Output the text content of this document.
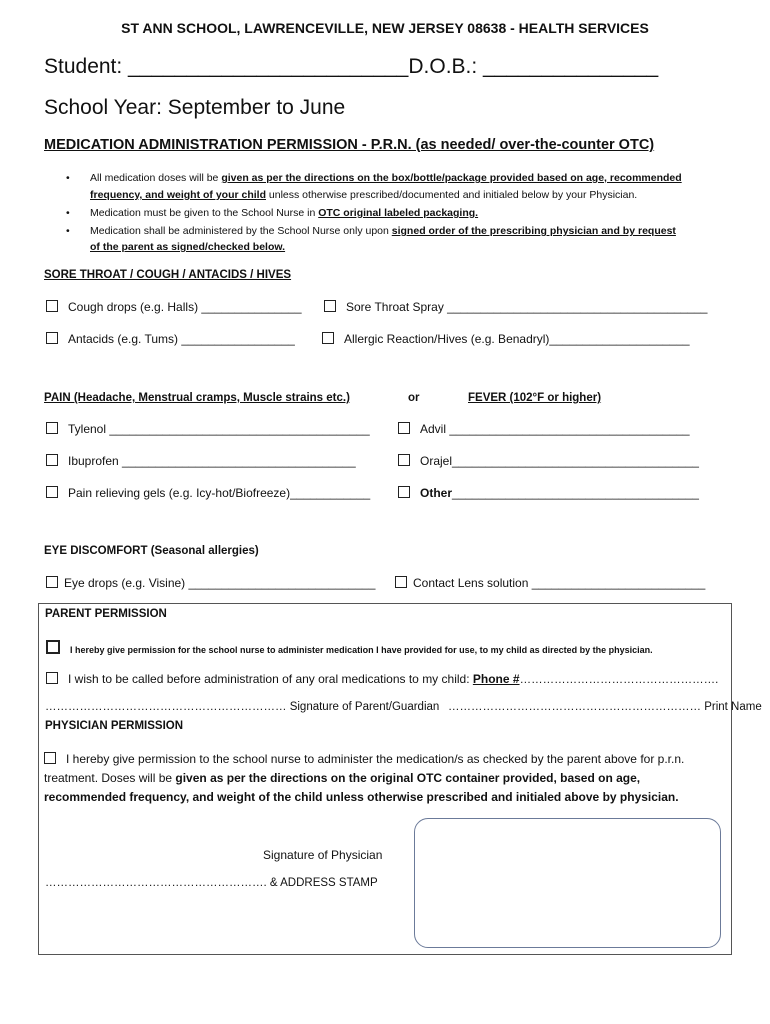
ST ANN SCHOOL, LAWRENCEVILLE, NEW JERSEY 08638 - HEALTH SERVICES
Student: ________________________D.O.B.: _______________
School Year: September to June
MEDICATION ADMINISTRATION PERMISSION - P.R.N. (as needed/ over-the-counter OTC)
• All medication doses will be given as per the directions on the box/bottle/package provided based on age, recommended
frequency, and weight of your child unless otherwise prescribed/documented and initialed below by your Physician.
• Medication must be given to the School Nurse in OTC original labeled packaging.
• Medication shall be administered by the School Nurse only upon signed order of the prescribing physician and by request
of the parent as signed/checked below.
SORE THROAT / COUGH / ANTACIDS / HIVES
Cough drops (e.g. Halls) _______________	Sore Throat Spray _______________________________________
Antacids (e.g. Tums) _________________	Allergic Reaction/Hives (e.g. Benadryl)_____________________
PAIN (Headache, Menstrual cramps, Muscle strains etc.)	or	FEVER (102°F or higher)
Tylenol _______________________________________	Advil ____________________________________
Ibuprofen ___________________________________	Orajel_____________________________________
Pain relieving gels (e.g. Icy-hot/Biofreeze)____________	Other_____________________________________
EYE DISCOMFORT (Seasonal allergies)
Eye drops (e.g. Visine) ____________________________	Contact Lens solution __________________________
PARENT PERMISSION
I hereby give permission for the school nurse to administer medication I have provided for use, to my child as directed by the physician.
I wish to be called before administration of any oral medications to my child: Phone #…………………………………………….
……………………………………………………… Signature of Parent/Guardian ………………………………………………………… Print Name
PHYSICIAN PERMISSION
I hereby give permission to the school nurse to administer the medication/s as checked by the parent above for p.r.n. treatment. Doses will be given as per the directions on the original OTC container provided, based on age, recommended frequency, and weight of the child unless otherwise prescribed and initialed above by physician.
Signature of Physician
…………………………………………………. & ADDRESS STAMP
